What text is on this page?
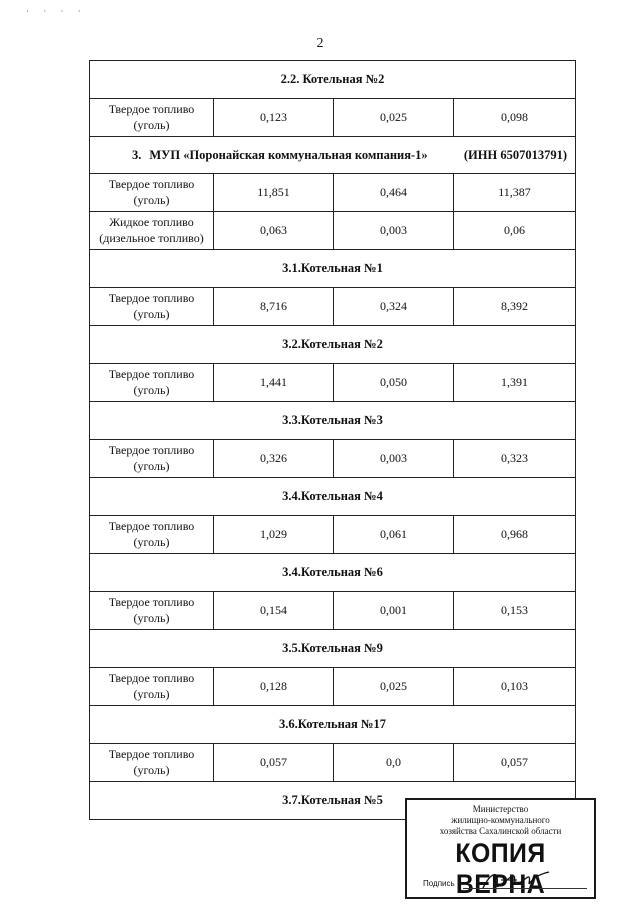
· · · ·
2
2.2. Котельная №2			
Твердое топливо (уголь)	0,123	0,025	0,098

3. МУП «Поронайская коммунальная компания-1» (ИНН 6507013791)			

Твердое топливо (уголь)	11,851	0,464	11,387
Жидкое топливо (дизельное топливо)	0,063	0,003	0,06
3.1.Котельная №1			
Твердое топливо (уголь)	8,716	0,324	8,392
3.2.Котельная №2			
Твердое топливо (уголь)	1,441	0,050	1,391
3.3.Котельная №3			
Твердое топливо (уголь)	0,326	0,003	0,323
3.4.Котельная №4			
Твердое топливо (уголь)	1,029	0,061	0,968
3.4.Котельная №6			
Твердое топливо (уголь)	0,154	0,001	0,153
3.5.Котельная №9			
Твердое топливо (уголь)	0,128	0,025	0,103
3.6.Котельная №17			
Твердое топливо (уголь)	0,057	0,0	0,057
3.7.Котельная №5			
Министерство
жилищно-коммунального
хозяйства Сахалинской области
КОПИЯ ВЕРНА
Подпись
